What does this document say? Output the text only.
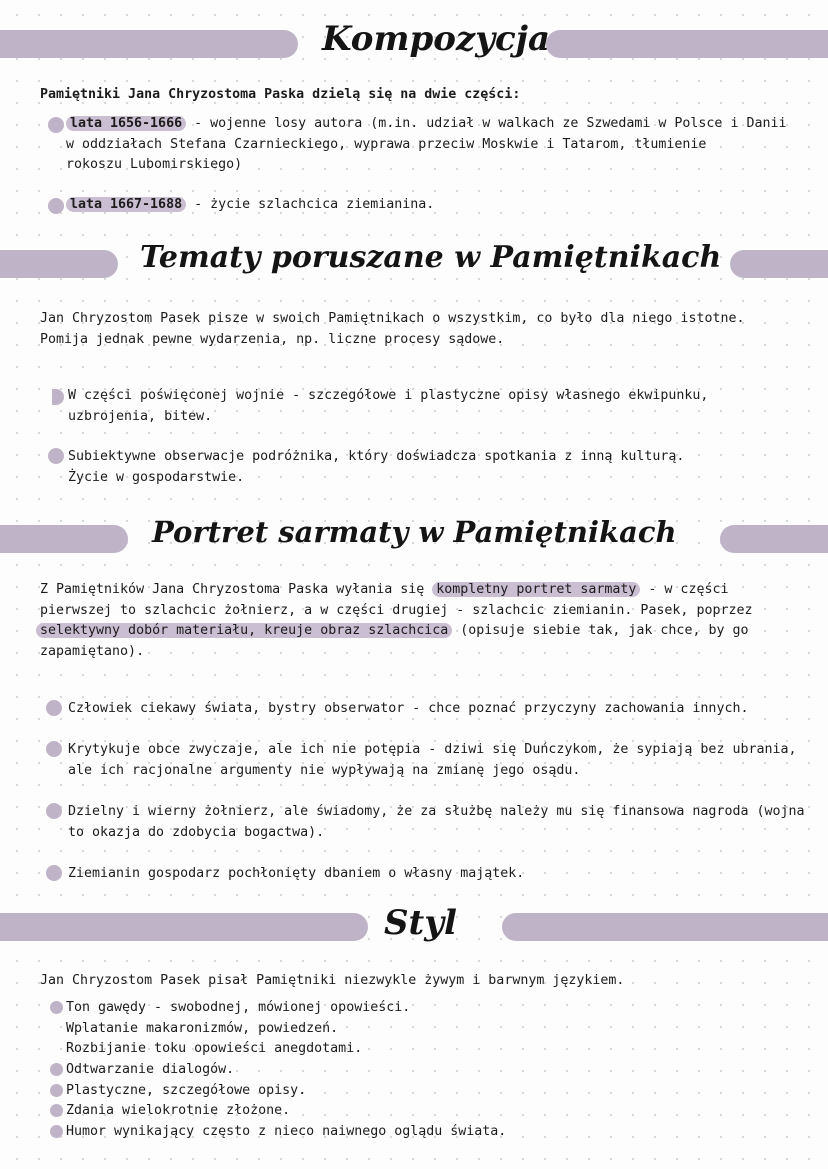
Kompozycja

Pamiętniki Jana Chryzostoma Paska dzielą się na dwie części:

lata 1656-1666 - wojenne losy autora (m.in. udział w walkach ze Szwedami w Polsce i Danii
w oddziałach Stefana Czarnieckiego, wyprawa przeciw Moskwie i Tatarom, tłumienie
rokoszu Lubomirskiego)

lata 1667-1688 - życie szlachcica ziemianina.

Tematy poruszane w Pamiętnikach

Jan Chryzostom Pasek pisze w swoich Pamiętnikach o wszystkim, co było dla niego istotne.
Pomija jednak pewne wydarzenia, np. liczne procesy sądowe.

W części poświęconej wojnie - szczegółowe i plastyczne opisy własnego ekwipunku,
uzbrojenia, bitew.

Subiektywne obserwacje podróżnika, który doświadcza spotkania z inną kulturą.
Życie w gospodarstwie.

Portret sarmaty w Pamiętnikach

Z Pamiętników Jana Chryzostoma Paska wyłania się kompletny portret sarmaty - w części
pierwszej to szlachcic żołnierz, a w części drugiej - szlachcic ziemianin. Pasek, poprzez
selektywny dobór materiału, kreuje obraz szlachcica (opisuje siebie tak, jak chce, by go
zapamiętano).

Człowiek ciekawy świata, bystry obserwator - chce poznać przyczyny zachowania innych.

Krytykuje obce zwyczaje, ale ich nie potępia - dziwi się Duńczykom, że sypiają bez ubrania,
ale ich racjonalne argumenty nie wypływają na zmianę jego osądu.

Dzielny i wierny żołnierz, ale świadomy, że za służbę należy mu się finansowa nagroda (wojna
to okazja do zdobycia bogactwa).

Ziemianin gospodarz pochłonięty dbaniem o własny majątek.

Styl

Jan Chryzostom Pasek pisał Pamiętniki niezwykle żywym i barwnym językiem.

Ton gawędy - swobodnej, mówionej opowieści.
Wplatanie makaronizmów, powiedzeń.
Rozbijanie toku opowieści anegdotami.

Odtwarzanie dialogów.

Plastyczne, szczegółowe opisy.

Zdania wielokrotnie złożone.

Humor wynikający często z nieco naiwnego oglądu świata.
